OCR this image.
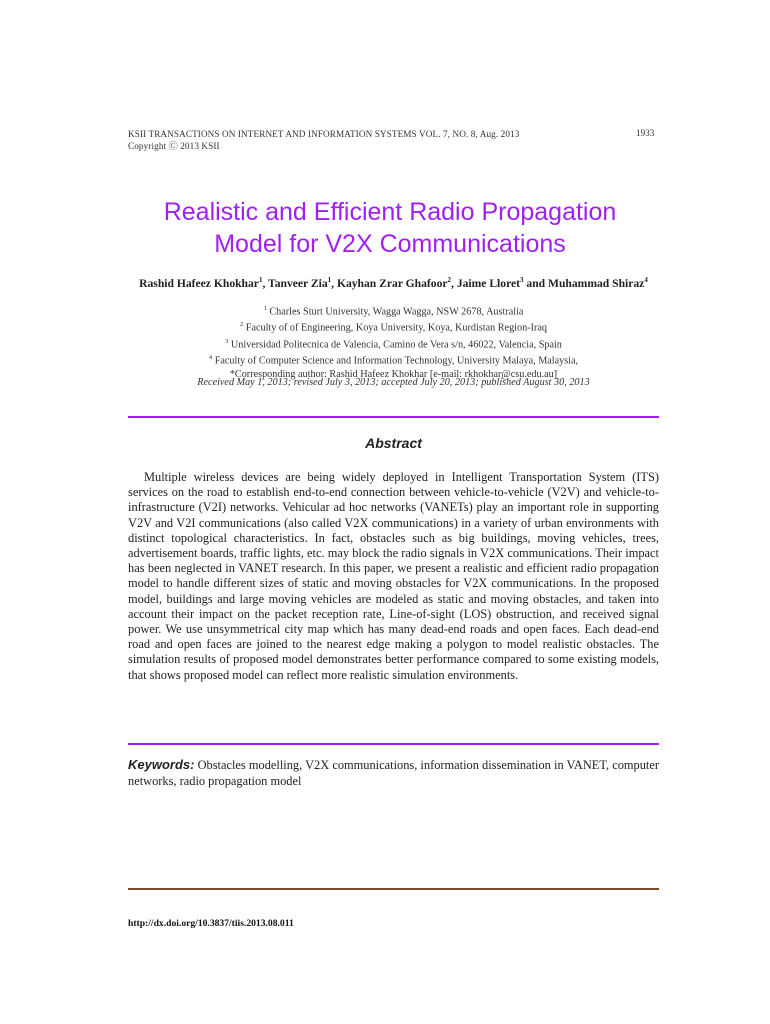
KSII TRANSACTIONS ON INTERNET AND INFORMATION SYSTEMS VOL. 7, NO. 8, Aug. 2013
Copyright Ⓒ 2013 KSII
1933
Realistic and Efficient Radio Propagation
Model for V2X Communications
Rashid Hafeez Khokhar$^1$, Tanveer Zia$^1$, Kayhan Zrar Ghafoor$^2$, Jaime Lloret$^3$ and Muhammad Shiraz$^4$
$^1$ Charles Sturt University, Wagga Wagga, NSW 2678, Australia
$^2$ Faculty of of Engineering, Koya University, Koya, Kurdistan Region-Iraq
$^3$ Universidad Politecnica de Valencia, Camino de Vera s/n, 46022, Valencia, Spain
$^4$ Faculty of Computer Science and Information Technology, University Malaya, Malaysia,
*Corresponding author: Rashid Hafeez Khokhar [e-mail: rkhokhar@csu.edu.au]
Received May 1, 2013; revised July 3, 2013; accepted July 20, 2013; published August 30, 2013
Abstract
Multiple wireless devices are being widely deployed in Intelligent Transportation System (ITS) services on the road to establish end-to-end connection between vehicle-to-vehicle (V2V) and vehicle-to-infrastructure (V2I) networks. Vehicular ad hoc networks (VANETs) play an important role in supporting V2V and V2I communications (also called V2X communications) in a variety of urban environments with distinct topological characteristics. In fact, obstacles such as big buildings, moving vehicles, trees, advertisement boards, traffic lights, etc. may block the radio signals in V2X communications. Their impact has been neglected in VANET research. In this paper, we present a realistic and efficient radio propagation model to handle different sizes of static and moving obstacles for V2X communications. In the proposed model, buildings and large moving vehicles are modeled as static and moving obstacles, and taken into account their impact on the packet reception rate, Line-of-sight (LOS) obstruction, and received signal power. We use unsymmetrical city map which has many dead-end roads and open faces. Each dead-end road and open faces are joined to the nearest edge making a polygon to model realistic obstacles. The simulation results of proposed model demonstrates better performance compared to some existing models, that shows proposed model can reflect more realistic simulation environments.
Keywords: Obstacles modelling, V2X communications, information dissemination in VANET, computer networks, radio propagation model
http://dx.doi.org/10.3837/tiis.2013.08.011
